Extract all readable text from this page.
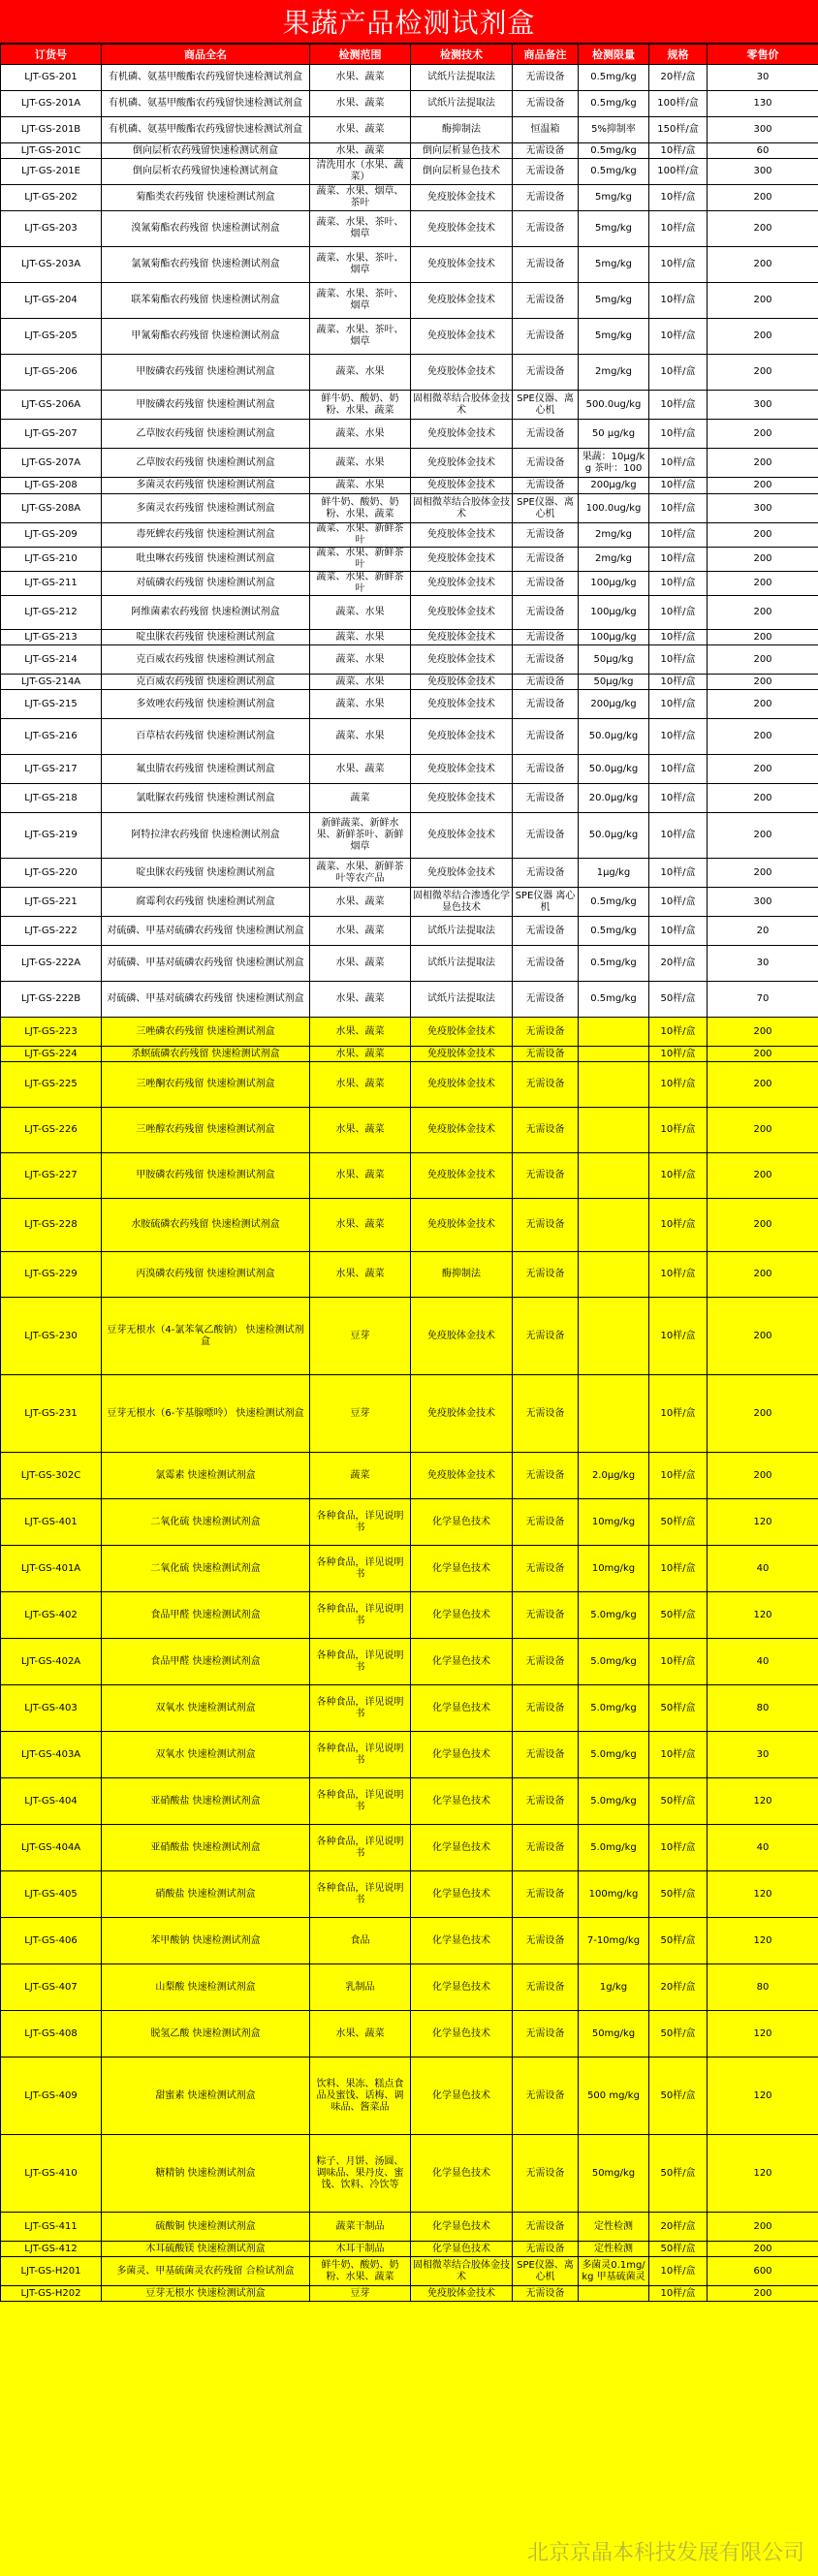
果蔬产品检测试剂盒
订货号	商品全名	检测范围	检测技术	商品备注	检测限量	规格	零售价
LJT-GS-201	有机磷、氨基甲酸酯农药残留快速检测试剂盒	水果、蔬菜	试纸片法提取法	无需设备	0.5mg/kg	20样/盒	30
LJT-GS-201A	有机磷、氨基甲酸酯农药残留快速检测试剂盒	水果、蔬菜	试纸片法提取法	无需设备	0.5mg/kg	100样/盒	130
LJT-GS-201B	有机磷、氨基甲酸酯农药残留快速检测试剂盒	水果、蔬菜	酶抑制法	恒温箱	5%抑制率	150样/盒	300
LJT-GS-201C	倒向层析农药残留快速检测试剂盒	水果、蔬菜	倒向层析显色技术	无需设备	0.5mg/kg	10样/盒	60
LJT-GS-201E	倒向层析农药残留快速检测试剂盒	清洗用水（水果、蔬菜）	倒向层析显色技术	无需设备	0.5mg/kg	100样/盒	300
LJT-GS-202	菊酯类农药残留 快速检测试剂盒	蔬菜、水果、烟草、茶叶	免疫胶体金技术	无需设备	5mg/kg	10样/盒	200
LJT-GS-203	溴氰菊酯农药残留 快速检测试剂盒	蔬菜、水果、茶叶、烟草	免疫胶体金技术	无需设备	5mg/kg	10样/盒	200
LJT-GS-203A	氯氰菊酯农药残留 快速检测试剂盒	蔬菜、水果、茶叶、烟草	免疫胶体金技术	无需设备	5mg/kg	10样/盒	200
LJT-GS-204	联苯菊酯农药残留 快速检测试剂盒	蔬菜、水果、茶叶、烟草	免疫胶体金技术	无需设备	5mg/kg	10样/盒	200
LJT-GS-205	甲氰菊酯农药残留 快速检测试剂盒	蔬菜、水果、茶叶、烟草	免疫胶体金技术	无需设备	5mg/kg	10样/盒	200
LJT-GS-206	甲胺磷农药残留 快速检测试剂盒	蔬菜、水果	免疫胶体金技术	无需设备	2mg/kg	10样/盒	200
LJT-GS-206A	甲胺磷农药残留 快速检测试剂盒	鲜牛奶、酸奶、奶粉、水果、蔬菜	固相微萃结合胶体金技术	SPE仪器、离心机	500.0ug/kg	10样/盒	300
LJT-GS-207	乙草胺农药残留 快速检测试剂盒	蔬菜、水果	免疫胶体金技术	无需设备	50 μg/kg	10样/盒	200
LJT-GS-207A	乙草胺农药残留 快速检测试剂盒	蔬菜、水果	免疫胶体金技术	无需设备	果蔬：10μg/kg 茶叶：100	10样/盒	200
LJT-GS-208	多菌灵农药残留 快速检测试剂盒	蔬菜、水果	免疫胶体金技术	无需设备	200μg/kg	10样/盒	200
LJT-GS-208A	多菌灵农药残留 快速检测试剂盒	鲜牛奶、酸奶、奶粉、水果、蔬菜	固相微萃结合胶体金技术	SPE仪器、离心机	100.0ug/kg	10样/盒	300
LJT-GS-209	毒死蜱农药残留 快速检测试剂盒	蔬菜、水果、新鲜茶叶	免疫胶体金技术	无需设备	2mg/kg	10样/盒	200
LJT-GS-210	吡虫啉农药残留 快速检测试剂盒	蔬菜、水果、新鲜茶叶	免疫胶体金技术	无需设备	2mg/kg	10样/盒	200
LJT-GS-211	对硫磷农药残留 快速检测试剂盒	蔬菜、水果、新鲜茶叶	免疫胶体金技术	无需设备	100μg/kg	10样/盒	200
LJT-GS-212	阿维菌素农药残留 快速检测试剂盒	蔬菜、水果	免疫胶体金技术	无需设备	100μg/kg	10样/盒	200
LJT-GS-213	啶虫脒农药残留 快速检测试剂盒	蔬菜、水果	免疫胶体金技术	无需设备	100μg/kg	10样/盒	200
LJT-GS-214	克百威农药残留 快速检测试剂盒	蔬菜、水果	免疫胶体金技术	无需设备	50μg/kg	10样/盒	200
LJT-GS-214A	克百威农药残留 快速检测试剂盒	蔬菜、水果	免疫胶体金技术	无需设备	50μg/kg	10样/盒	200
LJT-GS-215	多效唑农药残留 快速检测试剂盒	蔬菜、水果	免疫胶体金技术	无需设备	200μg/kg	10样/盒	200
LJT-GS-216	百草枯农药残留 快速检测试剂盒	蔬菜、水果	免疫胶体金技术	无需设备	50.0μg/kg	10样/盒	200
LJT-GS-217	氟虫腈农药残留 快速检测试剂盒	水果、蔬菜	免疫胶体金技术	无需设备	50.0μg/kg	10样/盒	200
LJT-GS-218	氯吡脲农药残留 快速检测试剂盒	蔬菜	免疫胶体金技术	无需设备	20.0μg/kg	10样/盒	200
LJT-GS-219	阿特拉津农药残留 快速检测试剂盒	新鲜蔬菜、新鲜水果、新鲜茶叶、新鲜烟草	免疫胶体金技术	无需设备	50.0μg/kg	10样/盒	200
LJT-GS-220	啶虫脒农药残留 快速检测试剂盒	蔬菜、水果、新鲜茶叶等农产品	免疫胶体金技术	无需设备	1μg/kg	10样/盒	200
LJT-GS-221	腐霉利农药残留 快速检测试剂盒	水果、蔬菜	固相微萃结合渗透化学显色技术	SPE仪器 离心机	0.5mg/kg	10样/盒	300
LJT-GS-222	对硫磷、甲基对硫磷农药残留 快速检测试剂盒	水果、蔬菜	试纸片法提取法	无需设备	0.5mg/kg	10样/盒	20
LJT-GS-222A	对硫磷、甲基对硫磷农药残留 快速检测试剂盒	水果、蔬菜	试纸片法提取法	无需设备	0.5mg/kg	20样/盒	30
LJT-GS-222B	对硫磷、甲基对硫磷农药残留 快速检测试剂盒	水果、蔬菜	试纸片法提取法	无需设备	0.5mg/kg	50样/盒	70
LJT-GS-223	三唑磷农药残留 快速检测试剂盒	水果、蔬菜	免疫胶体金技术	无需设备		10样/盒	200
LJT-GS-224	杀螟硫磷农药残留 快速检测试剂盒	水果、蔬菜	免疫胶体金技术	无需设备		10样/盒	200
LJT-GS-225	三唑酮农药残留 快速检测试剂盒	水果、蔬菜	免疫胶体金技术	无需设备		10样/盒	200
LJT-GS-226	三唑醇农药残留 快速检测试剂盒	水果、蔬菜	免疫胶体金技术	无需设备		10样/盒	200
LJT-GS-227	甲胺磷农药残留 快速检测试剂盒	水果、蔬菜	免疫胶体金技术	无需设备		10样/盒	200
LJT-GS-228	水胺硫磷农药残留 快速检测试剂盒	水果、蔬菜	免疫胶体金技术	无需设备		10样/盒	200
LJT-GS-229	丙溴磷农药残留 快速检测试剂盒	水果、蔬菜	酶抑制法	无需设备		10样/盒	200
LJT-GS-230	豆芽无根水（4-氯苯氧乙酸钠） 快速检测试剂盒	豆芽	免疫胶体金技术	无需设备		10样/盒	200
LJT-GS-231	豆芽无根水（6-苄基腺嘌呤） 快速检测试剂盒	豆芽	免疫胶体金技术	无需设备		10样/盒	200
LJT-GS-302C	氯霉素 快速检测试剂盒	蔬菜	免疫胶体金技术	无需设备	2.0μg/kg	10样/盒	200
LJT-GS-401	二氧化硫 快速检测试剂盒	各种食品，详见说明书	化学显色技术	无需设备	10mg/kg	50样/盒	120
LJT-GS-401A	二氧化硫 快速检测试剂盒	各种食品，详见说明书	化学显色技术	无需设备	10mg/kg	10样/盒	40
LJT-GS-402	食品甲醛 快速检测试剂盒	各种食品，详见说明书	化学显色技术	无需设备	5.0mg/kg	50样/盒	120
LJT-GS-402A	食品甲醛 快速检测试剂盒	各种食品，详见说明书	化学显色技术	无需设备	5.0mg/kg	10样/盒	40
LJT-GS-403	双氧水 快速检测试剂盒	各种食品，详见说明书	化学显色技术	无需设备	5.0mg/kg	50样/盒	80
LJT-GS-403A	双氧水 快速检测试剂盒	各种食品，详见说明书	化学显色技术	无需设备	5.0mg/kg	10样/盒	30
LJT-GS-404	亚硝酸盐 快速检测试剂盒	各种食品，详见说明书	化学显色技术	无需设备	5.0mg/kg	50样/盒	120
LJT-GS-404A	亚硝酸盐 快速检测试剂盒	各种食品，详见说明书	化学显色技术	无需设备	5.0mg/kg	10样/盒	40
LJT-GS-405	硝酸盐 快速检测试剂盒	各种食品，详见说明书	化学显色技术	无需设备	100mg/kg	50样/盒	120
LJT-GS-406	苯甲酸钠 快速检测试剂盒	食品	化学显色技术	无需设备	7-10mg/kg	50样/盒	120
LJT-GS-407	山梨酸 快速检测试剂盒	乳制品	化学显色技术	无需设备	1g/kg	20样/盒	80
LJT-GS-408	脱氢乙酸 快速检测试剂盒	水果、蔬菜	化学显色技术	无需设备	50mg/kg	50样/盒	120
LJT-GS-409	甜蜜素 快速检测试剂盒	饮料、果冻、糕点食品及蜜饯、话梅、调味品、酱菜品	化学显色技术	无需设备	500 mg/kg	50样/盒	120
LJT-GS-410	糖精钠 快速检测试剂盒	粽子、月饼、汤圆、调味品、果丹皮、蜜饯、饮料、冷饮等	化学显色技术	无需设备	50mg/kg	50样/盒	120
LJT-GS-411	硫酸铜 快速检测试剂盒	蔬菜干制品	化学显色技术	无需设备	定性检测	20样/盒	200
LJT-GS-412	木耳硫酸镁 快速检测试剂盒	木耳干制品	化学显色技术	无需设备	定性检测	50样/盒	200
LJT-GS-H201	多菌灵、甲基硫菌灵农药残留 合检试剂盒	鲜牛奶、酸奶、奶粉、水果、蔬菜	固相微萃结合胶体金技术	SPE仪器、离心机	多菌灵0.1mg/kg 甲基硫菌灵	10样/盒	600
LJT-GS-H202	豆芽无根水 快速检测试剂盒	豆芽	免疫胶体金技术	无需设备		10样/盒	200
北京京晶本科技发展有限公司
